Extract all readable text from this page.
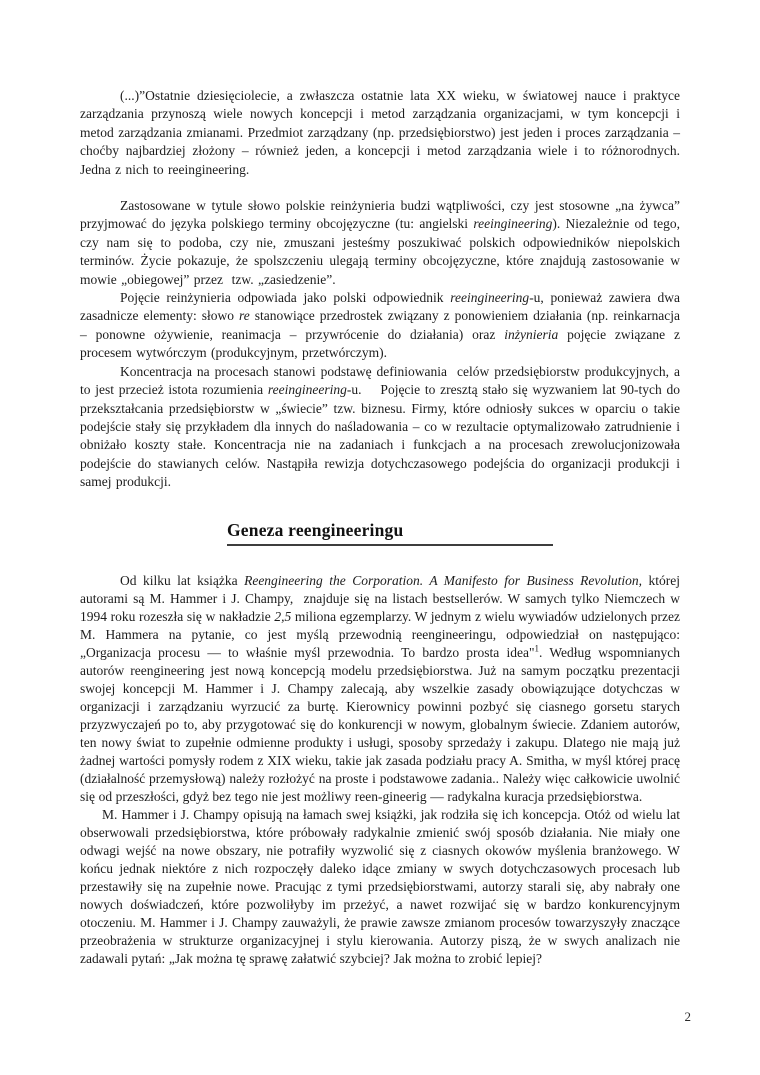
(...)”Ostatnie dziesięciolecie, a zwłaszcza ostatnie lata XX wieku, w światowej nauce i praktyce zarządzania przynoszą wiele nowych koncepcji i metod zarządzania organizacjami, w tym koncepcji i metod zarządzania zmianami. Przedmiot zarządzany (np. przedsiębiorstwo) jest jeden i proces zarządzania – choćby najbardziej złożony – również jeden, a koncepcji i metod zarządzania wiele i to różnorodnych. Jedna z nich to reeingineering.

Zastosowane w tytule słowo polskie reinżynieria budzi wątpliwości, czy jest stosowne „na żywca” przyjmować do języka polskiego terminy obcojęzyczne (tu: angielski reeingineering). Niezależnie od tego, czy nam się to podoba, czy nie, zmuszani jesteśmy poszukiwać polskich odpowiedników niepolskich terminów. Życie pokazuje, że spolszczeniu ulegają terminy obcojęzyczne, które znajdują zastosowanie w mowie „obiegowej” przez  tzw. „zasiedzenie”.

Pojęcie reinżynieria odpowiada jako polski odpowiednik reeingineering-u, ponieważ zawiera dwa zasadnicze elementy: słowo re stanowiące przedrostek związany z ponowieniem działania (np. reinkarnacja – ponowne ożywienie, reanimacja – przywrócenie do działania) oraz inżynieria pojęcie związane z procesem wytwórczym (produkcyjnym, przetwórczym).

Koncentracja na procesach stanowi podstawę definiowania  celów przedsiębiorstw produkcyjnych, a to jest przecież istota rozumienia reeingineering-u.    Pojęcie to zresztą stało się wyzwaniem lat 90-tych do przekształcania przedsiębiorstw w „świecie” tzw. biznesu. Firmy, które odniosły sukces w oparciu o takie podejście stały się przykładem dla innych do naśladowania – co w rezultacie optymalizowało zatrudnienie i obniżało koszty stałe. Koncentracja nie na zadaniach i funkcjach a na procesach zrewolucjonizowała podejście do stawianych celów. Nastąpiła rewizja dotychczasowego podejścia do organizacji produkcji i samej produkcji.

Geneza reengineeringu

Od kilku lat książka Reengineering the Corporation. A Manifesto for Business Revolution, której autorami są M. Hammer i J. Champy,  znajduje się na listach bestsellerów. W samych tylko Niemczech w 1994 roku rozeszła się w nakładzie 2,5 miliona egzemplarzy. W jednym z wielu wywiadów udzielonych przez M. Hammera na pytanie, co jest myślą przewodnią reengineeringu, odpowiedział on następująco: „Organizacja procesu — to właśnie myśl przewodnia. To bardzo prosta idea"$^1$. Według wspomnianych autorów reengineering jest nową koncepcją modelu przedsiębiorstwa. Już na samym początku prezentacji swojej koncepcji M. Hammer i J. Champy zalecają, aby wszelkie zasady obowiązujące dotychczas w organizacji i zarządzaniu wyrzucić za burtę. Kierownicy powinni pozbyć się ciasnego gorsetu starych przyzwyczajeń po to, aby przygotować się do konkurencji w nowym, globalnym świecie. Zdaniem autorów, ten nowy świat to zupełnie odmienne produkty i usługi, sposoby sprzedaży i zakupu. Dlatego nie mają już żadnej wartości pomysły rodem z XIX wieku, takie jak zasada podziału pracy A. Smitha, w myśl której pracę (działalność przemysłową) należy rozłożyć na proste i podstawowe zadania.. Należy więc całkowicie uwolnić się od przeszłości, gdyż bez tego nie jest możliwy reen-gineerig — radykalna kuracja przedsiębiorstwa.

M. Hammer i J. Champy opisują na łamach swej książki, jak rodziła się ich koncepcja. Otóż od wielu lat obserwowali przedsiębiorstwa, które próbowały radykalnie zmienić swój sposób działania. Nie miały one odwagi wejść na nowe obszary, nie potrafiły wyzwolić się z ciasnych okowów myślenia branżowego. W końcu jednak niektóre z nich rozpoczęły daleko idące zmiany w swych dotychczasowych procesach lub przestawiły się na zupełnie nowe. Pracując z tymi przedsiębiorstwami, autorzy starali się, aby nabrały one nowych doświadczeń, które pozwoliłyby im przeżyć, a nawet rozwijać się w bardzo konkurencyjnym otoczeniu. M. Hammer i J. Champy zauważyli, że prawie zawsze zmianom procesów towarzyszyły znaczące przeobrażenia w strukturze organizacyjnej i stylu kierowania. Autorzy piszą, że w swych analizach nie zadawali pytań: „Jak można tę sprawę załatwić szybciej? Jak można to zrobić lepiej?

2
